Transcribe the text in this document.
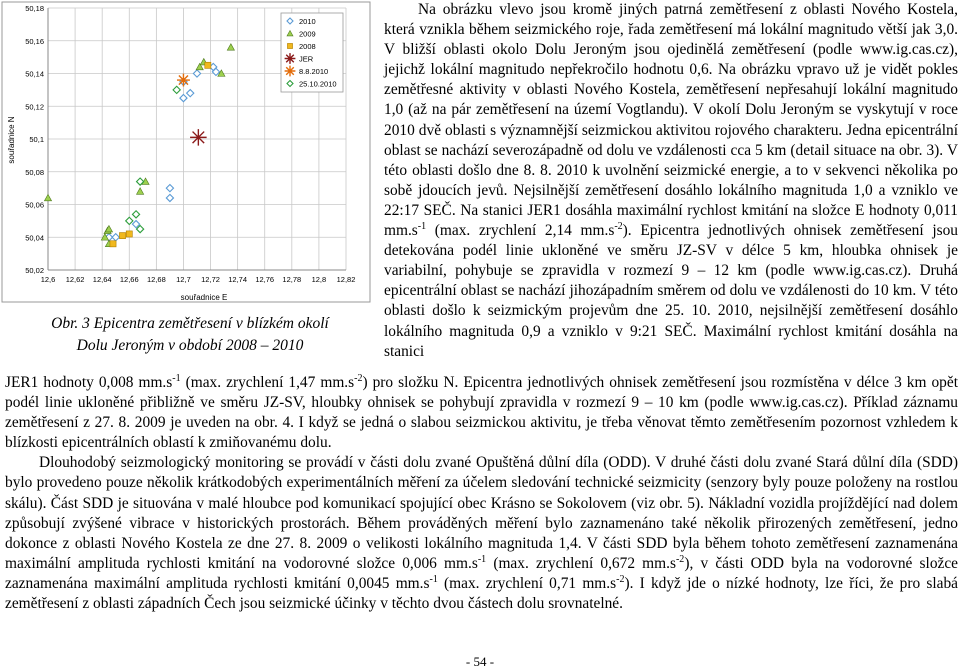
50,02
50,04
50,06
50,08
50,1
50,12
50,14
50,16
50,18
12,6 12,62 12,64 12,66 12,68 12,7 12,72 12,74 12,76 12,78 12,8 12,82
souřadnice N
souřadnice E
2010
2009
2008
JER
8.8.2010
25.10.2010
Obr. 3 Epicentra zemětřesení v blízkém okolí
Dolu Jeroným v období 2008 – 2010

Na obrázku vlevo jsou kromě jiných patrná zemětřesení z oblasti Nového Kostela, která vznikla během seizmického roje, řada zemětřesení má lokální magnitudo větší jak 3,0. V bližší oblasti okolo Dolu Jeroným jsou ojedinělá zemětřesení (podle www.ig.cas.cz), jejichž lokální magnitudo nepřekročilo hodnotu 0,6. Na obrázku vpravo už je vidět pokles zemětřesné aktivity v oblasti Nového Kostela, zemětřesení nepřesahují lokální magnitudo 1,0 (až na pár zemětřesení na území Vogtlandu). V okolí Dolu Jeroným se vyskytují v roce 2010 dvě oblasti s významnější seizmickou aktivitou rojového charakteru. Jedna epicentrální oblast se nachází severozápadně od dolu ve vzdálenosti cca 5 km (detail situace na obr. 3). V této oblasti došlo dne 8. 8. 2010 k uvolnění seizmické energie, a to v sekvenci několika po sobě jdoucích jevů. Nejsilnější zemětřesení dosáhlo lokálního magnituda 1,0 a vzniklo ve 22:17 SEČ. Na stanici JER1 dosáhla maximální rychlost kmitání na složce E hodnoty 0,011 $mm.s^{-1}$ (max. zrychlení 2,14 $mm.s^{-2}$). Epicentra jednotlivých ohnisek zemětřesení jsou detekována podél linie ukloněné ve směru JZ-SV v délce 5 km, hloubka ohnisek je variabilní, pohybuje se zpravidla v rozmezí 9 – 12 km (podle www.ig.cas.cz). Druhá epicentrální oblast se nachází jihozápadním směrem od dolu ve vzdálenosti do 10 km. V této oblasti došlo k seizmickým projevům dne 25. 10. 2010, nejsilnější zemětřesení dosáhlo lokálního magnituda 0,9 a vzniklo v 9:21 SEČ. Maximální rychlost kmitání dosáhla na stanici

JER1 hodnoty 0,008 $mm.s^{-1}$ (max. zrychlení 1,47 $mm.s^{-2}$) pro složku N. Epicentra jednotlivých ohnisek zemětřesení jsou rozmístěna v délce 3 km opět podél linie ukloněné přibližně ve směru JZ-SV, hloubky ohnisek se pohybují zpravidla v rozmezí 9 – 10 km (podle www.ig.cas.cz). Příklad záznamu zemětřesení z 27. 8. 2009 je uveden na obr. 4. I když se jedná o slabou seizmickou aktivitu, je třeba věnovat těmto zemětřesením pozornost vzhledem k blízkosti epicentrálních oblastí k zmiňovanému dolu.

Dlouhodobý seizmologický monitoring se provádí v části dolu zvané Opuštěná důlní díla (ODD). V druhé části dolu zvané Stará důlní díla (SDD) bylo provedeno pouze několik krátkodobých experimentálních měření za účelem sledování technické seizmicity (senzory byly pouze položeny na rostlou skálu). Část SDD je situována v malé hloubce pod komunikací spojující obec Krásno se Sokolovem (viz obr. 5). Nákladní vozidla projíždějící nad dolem způsobují zvýšené vibrace v historických prostorách. Během prováděných měření bylo zaznamenáno také několik přirozených zemětřesení, jedno dokonce z oblasti Nového Kostela ze dne 27. 8. 2009 o velikosti lokálního magnituda 1,4. V části SDD byla během tohoto zemětřesení zaznamenána maximální amplituda rychlosti kmitání na vodorovné složce 0,006 $mm.s^{-1}$ (max. zrychlení 0,672 $mm.s^{-2}$), v části ODD byla na vodorovné složce zaznamenána maximální amplituda rychlosti kmitání 0,0045 $mm.s^{-1}$ (max. zrychlení 0,71 $mm.s^{-2}$). I když jde o nízké hodnoty, lze říci, že pro slabá zemětřesení z oblasti západních Čech jsou seizmické účinky v těchto dvou částech dolu srovnatelné.

- 54 -
